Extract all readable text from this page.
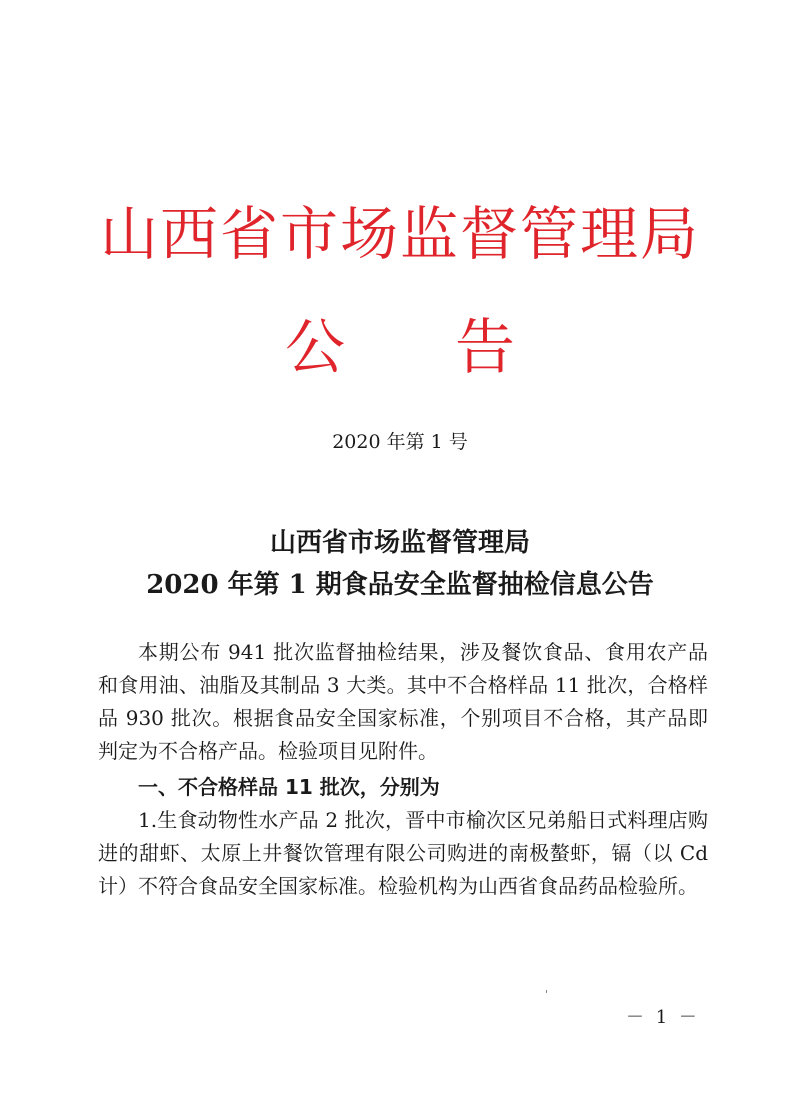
山西省市场监督管理局
公 告
2020 年第 1 号
山西省市场监督管理局
2020 年第 1 期食品安全监督抽检信息公告

本期公布 941 批次监督抽检结果，涉及餐饮食品、食用农产品和食用油、油脂及其制品 3 大类。其中不合格样品 11 批次，合格样品 930 批次。根据食品安全国家标准，个别项目不合格，其产品即判定为不合格产品。检验项目见附件。

一、不合格样品 11 批次，分别为

1.生食动物性水产品 2 批次，晋中市榆次区兄弟船日式料理店购进的甜虾、太原上井餐饮管理有限公司购进的南极螯虾，镉（以 Cd 计）不符合食品安全国家标准。检验机构为山西省食品药品检验所。

－ 1 －
